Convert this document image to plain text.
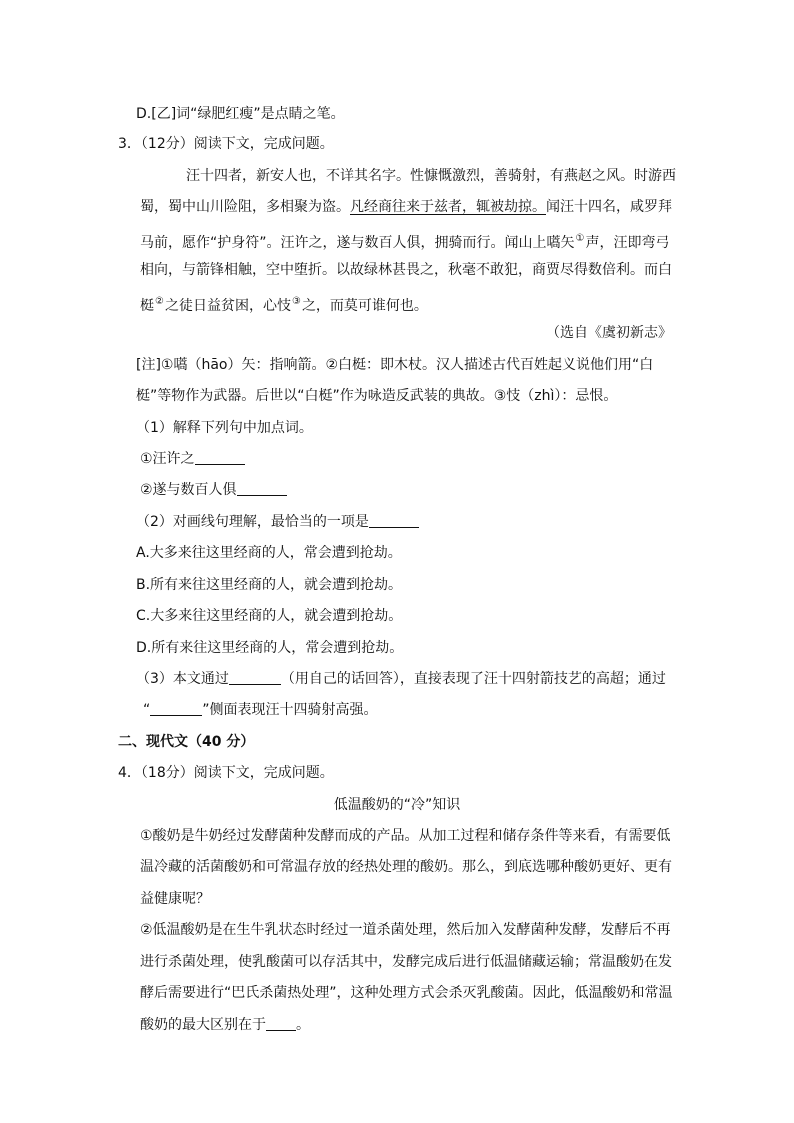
D.[乙]词“绿肥红瘦”是点睛之笔。
3．（12分）阅读下文，完成问题。
汪十四者，新安人也，不详其名字。性慷慨激烈，善骑射，有燕赵之风。时游西
蜀，蜀中山川险阻，多相聚为盗。凡经商往来于兹者，辄被劫掠。闻汪十四名，咸罗拜
马前，愿作“护身符”。汪许之，遂与数百人俱，拥骑而行。闻山上嚆矢①声，汪即弯弓
相向，与箭锋相触，空中堕折。以故绿林甚畏之，秋毫不敢犯，商贾尽得数倍利。而白
梃②之徒日益贫困，心忮③之，而莫可谁何也。
（选自《虞初新志》
[注]①嚆（hāo）矢：指响箭。②白梃：即木杖。汉人描述古代百姓起义说他们用“白
梃”等物作为武器。后世以“白梃”作为咏造反武装的典故。③忮（zhì）：忌恨。
（1）解释下列句中加点词。
①汪许之
②遂与数百人俱
（2）对画线句理解，最恰当的一项是
A.大多来往这里经商的人，常会遭到抢劫。
B.所有来往这里经商的人，就会遭到抢劫。
C.大多来往这里经商的人，就会遭到抢劫。
D.所有来往这里经商的人，常会遭到抢劫。
（3）本文通过	（用自己的话回答），直接表现了汪十四射箭技艺的高超；通过
“	”侧面表现汪十四骑射高强。
二、现代文（40 分）
4．（18分）阅读下文，完成问题。
低温酸奶的“冷”知识
①酸奶是牛奶经过发酵菌种发酵而成的产品。从加工过程和储存条件等来看，有需要低
温冷藏的活菌酸奶和可常温存放的经热处理的酸奶。那么，到底选哪种酸奶更好、更有
益健康呢？
②低温酸奶是在生牛乳状态时经过一道杀菌处理，然后加入发酵菌种发酵，发酵后不再
进行杀菌处理，使乳酸菌可以存活其中，发酵完成后进行低温储藏运输；常温酸奶在发
酵后需要进行“巴氏杀菌热处理”，这种处理方式会杀灭乳酸菌。因此，低温酸奶和常温
酸奶的最大区别在于 。
